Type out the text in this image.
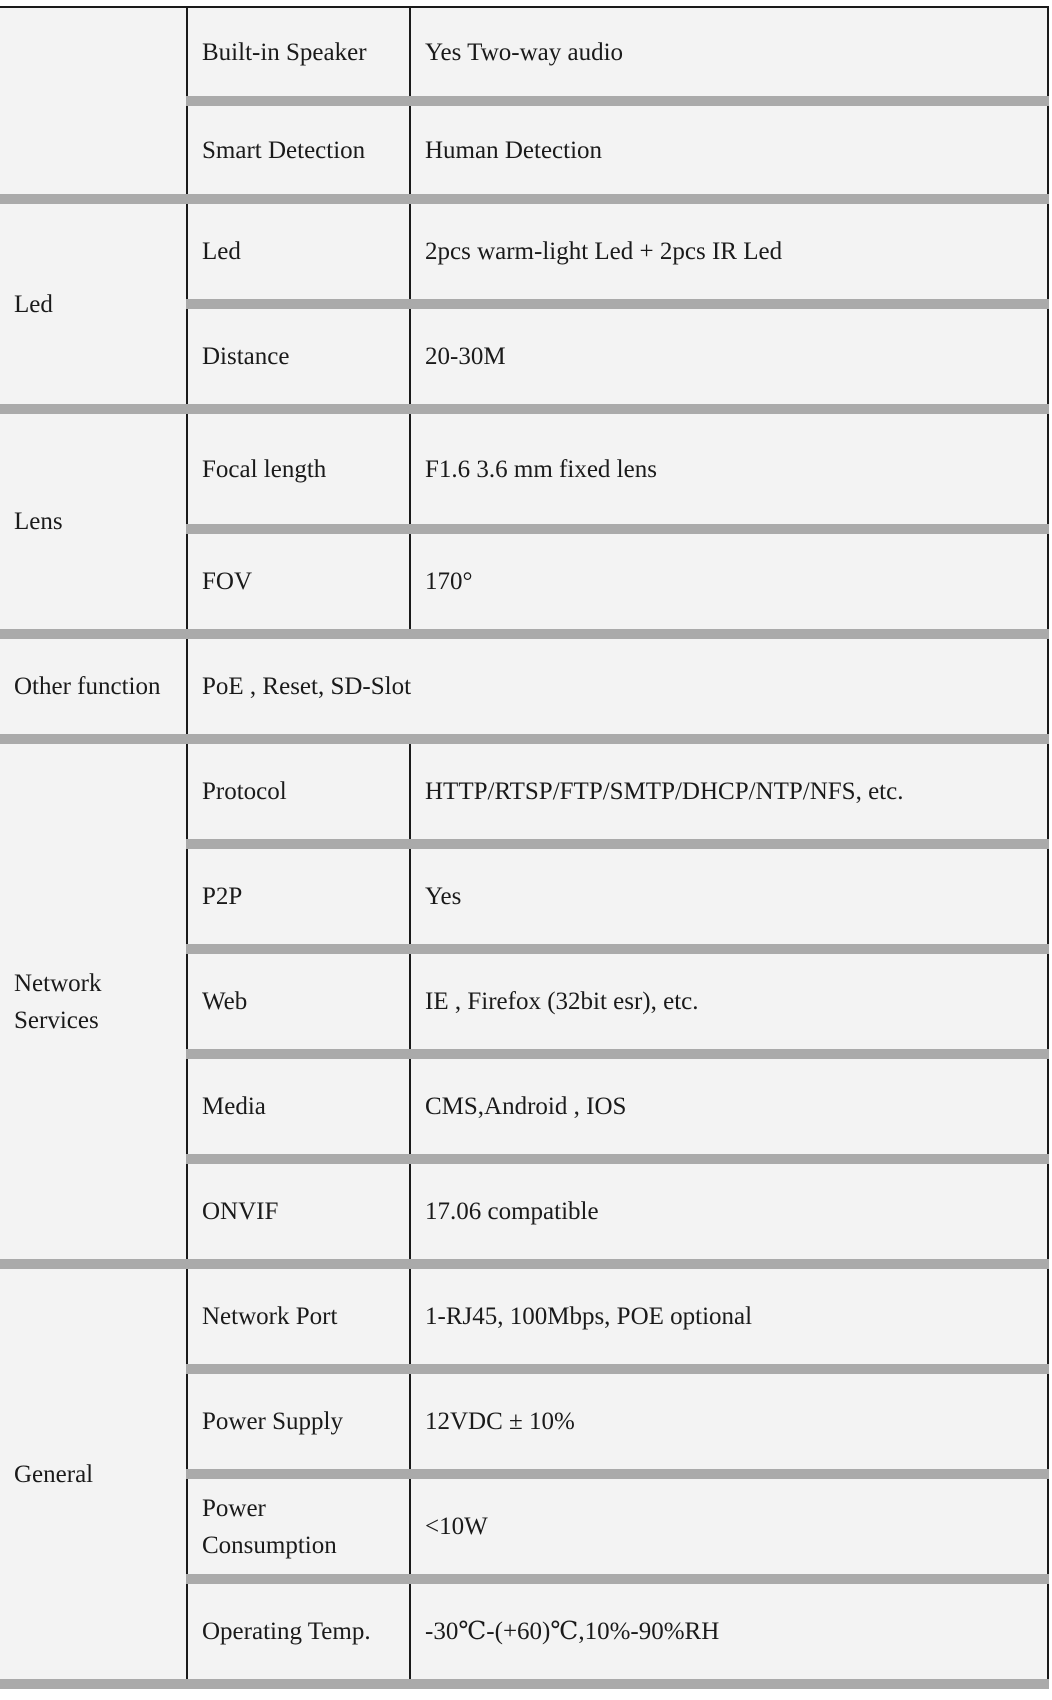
	Built-in Speaker	Yes Two-way audio
	Smart Detection	Human Detection
Led	Led	2pcs warm-light Led + 2pcs IR Led
	Distance	20-30M
Lens	Focal length	F1.6 3.6 mm fixed lens
	FOV	170°
Other function	PoE , Reset, SD-Slot	
Network Services	Protocol	HTTP/RTSP/FTP/SMTP/DHCP/NTP/NFS, etc.
	P2P	Yes
	Web	IE , Firefox (32bit esr), etc.
	Media	CMS,Android , IOS
	ONVIF	17.06 compatible
General	Network Port	1-RJ45, 100Mbps, POE optional
	Power Supply	12VDC ± 10%
	Power Consumption	<10W
	Operating Temp.	-30℃-(+60)℃,10%-90%RH
